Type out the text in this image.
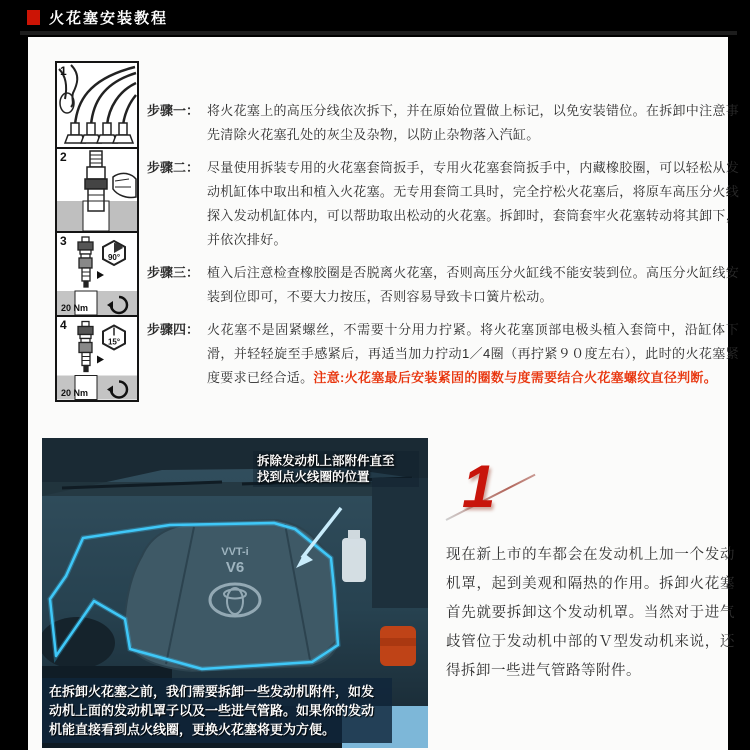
火花塞安装教程
1
2
3
90°
20 Nm
4
15°
20 Nm
步骤一： 将火花塞上的高压分线依次拆下，并在原始位置做上标记，以免安装错位。在拆卸中注意事先清除火花塞孔处的灰尘及杂物，以防止杂物落入汽缸。
步骤二： 尽量使用拆装专用的火花塞套筒扳手，专用火花塞套筒扳手中，内藏橡胶圈，可以轻松从发动机缸体中取出和植入火花塞。无专用套筒工具时，完全拧松火花塞后，将原车高压分火线探入发动机缸体内，可以帮助取出松动的火花塞。拆卸时，套筒套牢火花塞转动将其卸下，并依次排好。
步骤三： 植入后注意检查橡胶圈是否脱离火花塞，否则高压分火缸线不能安装到位。高压分火缸线安装到位即可，不要大力按压，否则容易导致卡口簧片松动。
步骤四： 火花塞不是固紧螺丝，不需要十分用力拧紧。将火花塞顶部电极头植入套筒中，沿缸体下滑，并轻轻旋至手感紧后，再适当加力拧动1／4圈（再拧紧９０度左右），此时的火花塞紧度要求已经合适。注意:火花塞最后安装紧固的圈数与度需要结合火花塞螺纹直径判断。
VVT-i
V6
拆除发动机上部附件直至
找到点火线圈的位置
在拆卸火花塞之前，我们需要拆卸一些发动机附件，如发动机上面的发动机罩子以及一些进气管路。如果你的发动机能直接看到点火线圈，更换火花塞将更为方便。
1
现在新上市的车都会在发动机上加一个发动机罩，起到美观和隔热的作用。拆卸火花塞首先就要拆卸这个发动机罩。当然对于进气歧管位于发动机中部的Ｖ型发动机来说，还得拆卸一些进气管路等附件。
